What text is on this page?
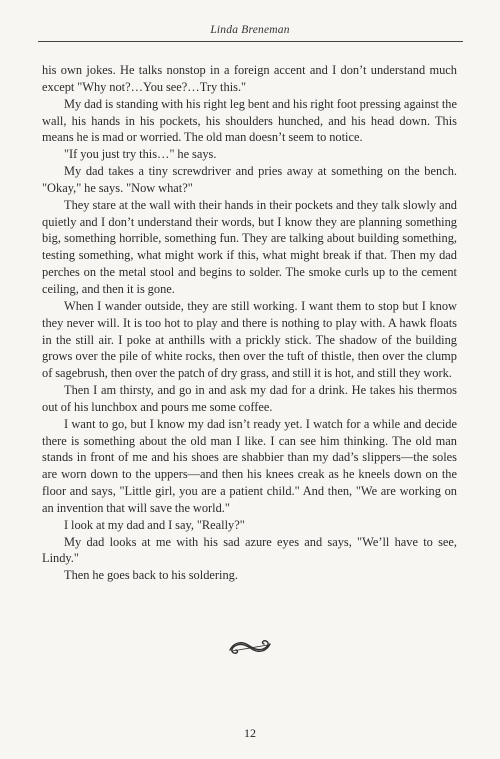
Linda Breneman

his own jokes. He talks nonstop in a foreign accent and I don’t understand much except "Why not?…You see?…Try this."

My dad is standing with his right leg bent and his right foot pressing against the wall, his hands in his pockets, his shoulders hunched, and his head down. This means he is mad or worried. The old man doesn’t seem to notice.

"If you just try this…" he says.

My dad takes a tiny screwdriver and pries away at something on the bench. "Okay," he says. "Now what?"

They stare at the wall with their hands in their pockets and they talk slowly and quietly and I don’t understand their words, but I know they are planning something big, something horrible, something fun. They are talking about building something, testing something, what might work if this, what might break if that. Then my dad perches on the metal stool and begins to solder. The smoke curls up to the cement ceiling, and then it is gone.

When I wander outside, they are still working. I want them to stop but I know they never will. It is too hot to play and there is nothing to play with. A hawk floats in the still air. I poke at anthills with a prickly stick. The shadow of the building grows over the pile of white rocks, then over the tuft of thistle, then over the clump of sagebrush, then over the patch of dry grass, and still it is hot, and still they work.

Then I am thirsty, and go in and ask my dad for a drink. He takes his thermos out of his lunchbox and pours me some coffee.

I want to go, but I know my dad isn’t ready yet. I watch for a while and decide there is something about the old man I like. I can see him thinking. The old man stands in front of me and his shoes are shabbier than my dad’s slippers—the soles are worn down to the uppers—and then his knees creak as he kneels down on the floor and says, "Little girl, you are a patient child." And then, "We are working on an invention that will save the world."

I look at my dad and I say, "Really?"

My dad looks at me with his sad azure eyes and says, "We’ll have to see, Lindy."

Then he goes back to his soldering.

12
